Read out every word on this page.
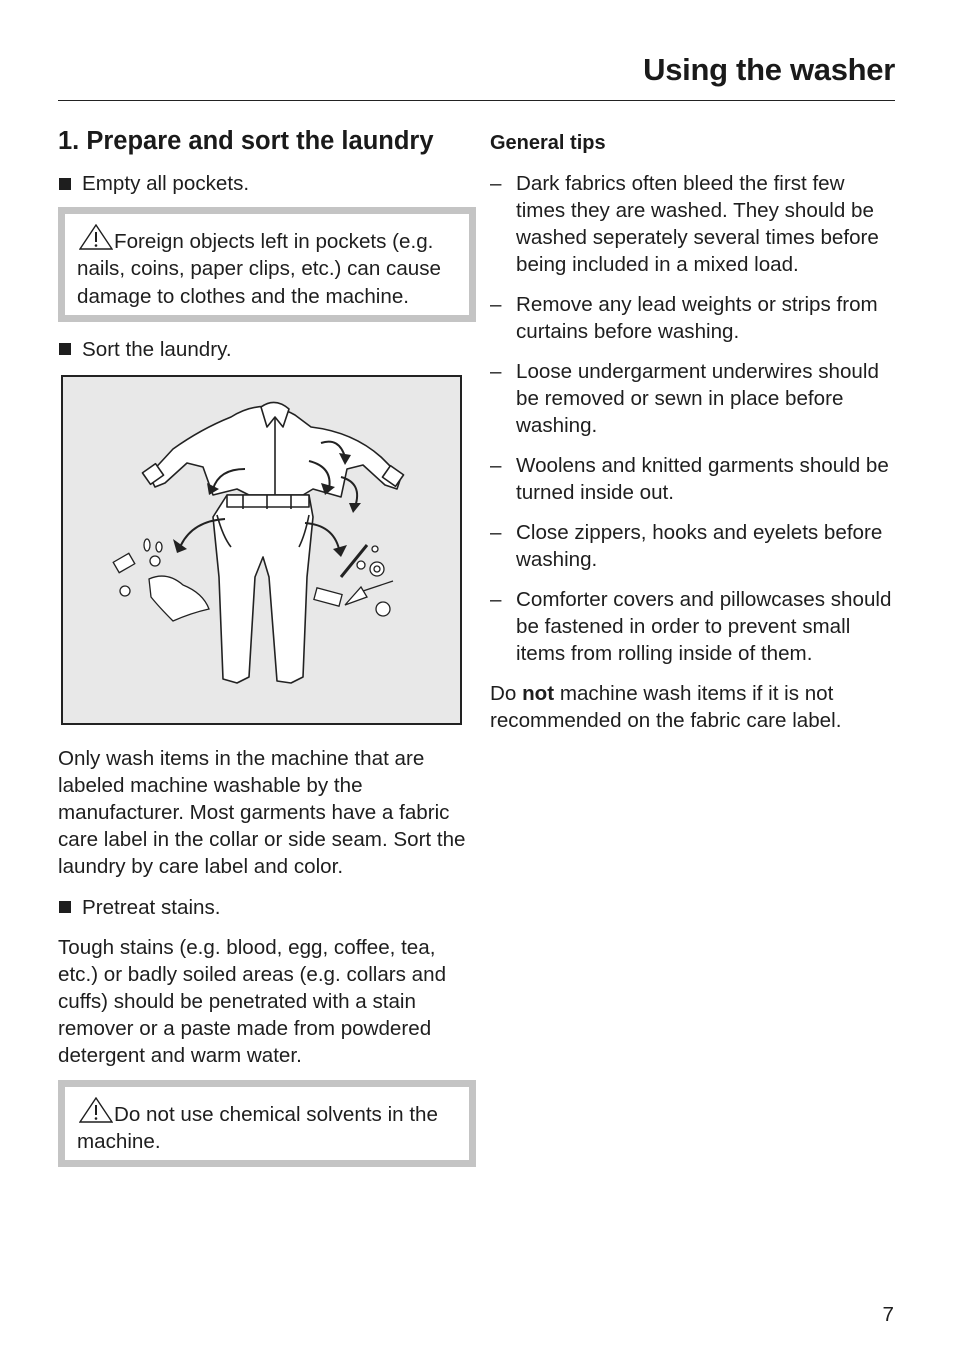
Using the washer
1. Prepare and sort the laundry
Empty all pockets.

Foreign objects left in pockets (e.g. nails, coins, paper clips, etc.) can cause damage to clothes and the machine.

Sort the laundry.

Only wash items in the machine that are labeled machine washable by the manufacturer. Most garments have a fabric care label in the collar or side seam. Sort the laundry by care label and color.

Pretreat stains.

Tough stains (e.g. blood, egg, coffee, tea, etc.) or badly soiled areas (e.g. collars and cuffs) should be penetrated with a stain remover or a paste made from powdered detergent and warm water.

Do not use chemical solvents in the machine.

General tips
– Dark fabrics often bleed the first few times they are washed. They should be washed seperately several times before being included in a mixed load.
– Remove any lead weights or strips from curtains before washing.
– Loose undergarment underwires should be removed or sewn in place before washing.
– Woolens and knitted garments should be turned inside out.
– Close zippers, hooks and eyelets before washing.
– Comforter covers and pillowcases should be fastened in order to prevent small items from rolling inside of them.

Do not machine wash items if it is not recommended on the fabric care label.

7
